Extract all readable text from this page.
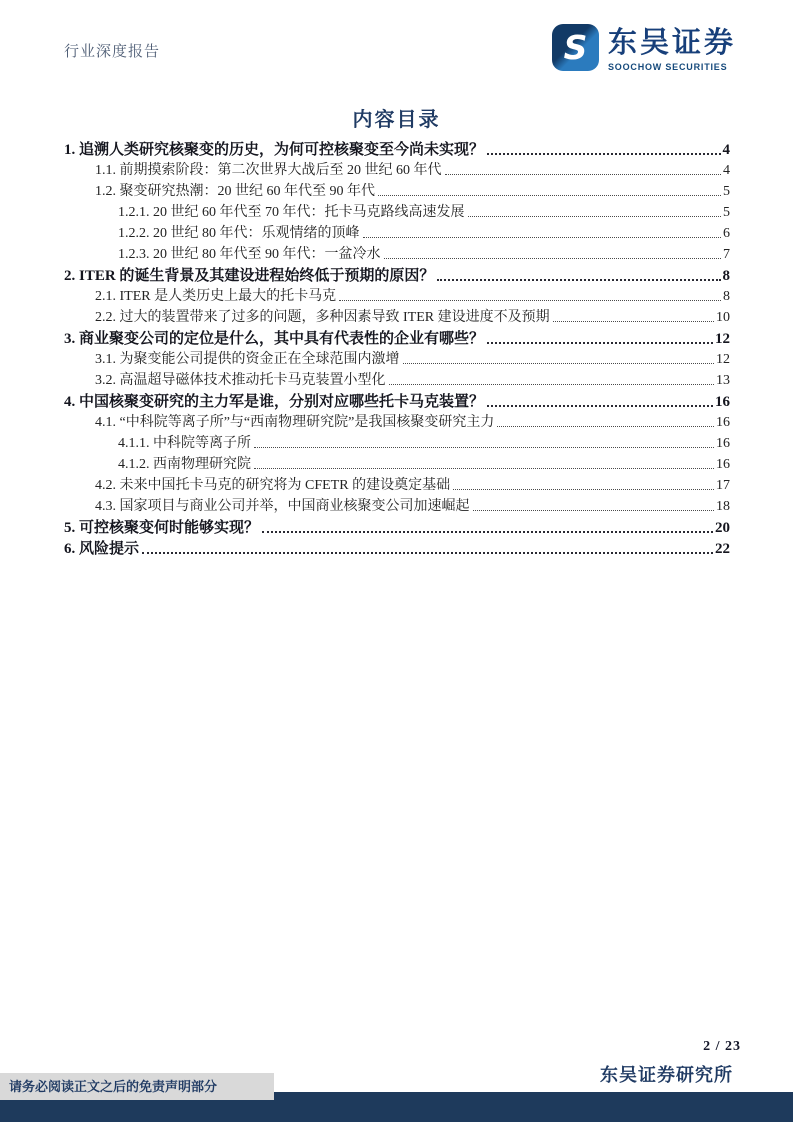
行业深度报告	S 东吴证券
SOOCHOW SECURITIES
内容目录
1. 追溯人类研究核聚变的历史，为何可控核聚变至今尚未实现？	4
1.1. 前期摸索阶段：第二次世界大战后至 20 世纪 60 年代	4
1.2. 聚变研究热潮：20 世纪 60 年代至 90 年代	5
1.2.1. 20 世纪 60 年代至 70 年代：托卡马克路线高速发展	5
1.2.2. 20 世纪 80 年代：乐观情绪的顶峰	6
1.2.3. 20 世纪 80 年代至 90 年代：一盆冷水	7
2. ITER 的诞生背景及其建设进程始终低于预期的原因？	8
2.1. ITER 是人类历史上最大的托卡马克	8
2.2. 过大的装置带来了过多的问题，多种因素导致 ITER 建设进度不及预期	10
3. 商业聚变公司的定位是什么，其中具有代表性的企业有哪些？	12
3.1. 为聚变能公司提供的资金正在全球范围内激增	12
3.2. 高温超导磁体技术推动托卡马克装置小型化	13
4. 中国核聚变研究的主力军是谁，分别对应哪些托卡马克装置？	16
4.1. “中科院等离子所”与“西南物理研究院”是我国核聚变研究主力	16
4.1.1. 中科院等离子所	16
4.1.2. 西南物理研究院	16
4.2. 未来中国托卡马克的研究将为 CFETR 的建设奠定基础	17
4.3. 国家项目与商业公司并举，中国商业核聚变公司加速崛起	18
5. 可控核聚变何时能够实现？	20
6. 风险提示	22
2 / 23
东吴证券研究所
请务必阅读正文之后的免责声明部分
